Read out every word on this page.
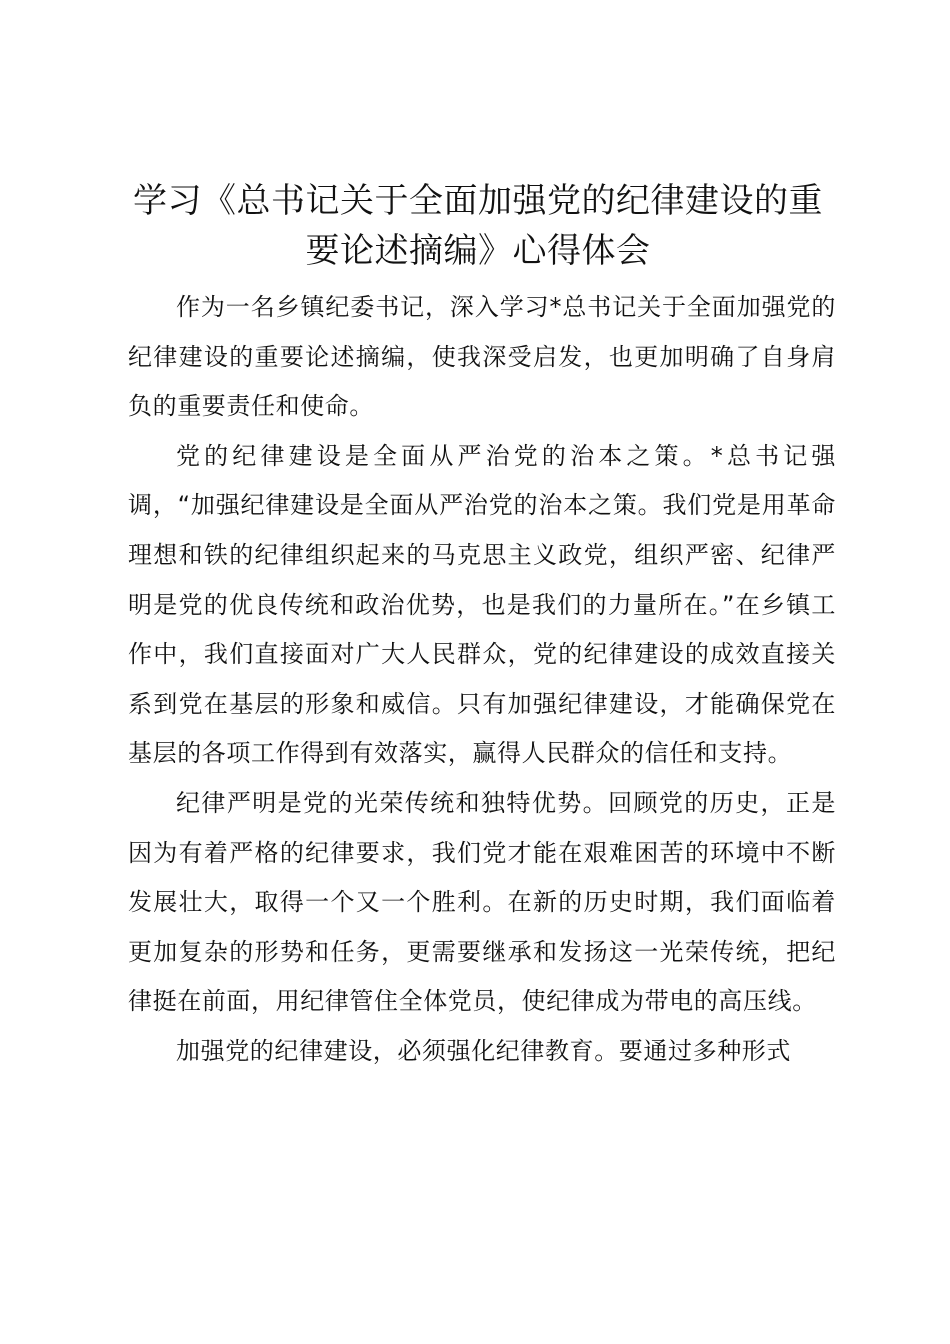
学习《总书记关于全面加强党的纪律建设的重要论述摘编》心得体会

作为一名乡镇纪委书记，深入学习*总书记关于全面加强党的纪律建设的重要论述摘编，使我深受启发，也更加明确了自身肩负的重要责任和使命。

党的纪律建设是全面从严治党的治本之策。*总书记强调，“加强纪律建设是全面从严治党的治本之策。我们党是用革命理想和铁的纪律组织起来的马克思主义政党，组织严密、纪律严明是党的优良传统和政治优势，也是我们的力量所在。”在乡镇工作中，我们直接面对广大人民群众，党的纪律建设的成效直接关系到党在基层的形象和威信。只有加强纪律建设，才能确保党在基层的各项工作得到有效落实，赢得人民群众的信任和支持。

纪律严明是党的光荣传统和独特优势。回顾党的历史，正是因为有着严格的纪律要求，我们党才能在艰难困苦的环境中不断发展壮大，取得一个又一个胜利。在新的历史时期，我们面临着更加复杂的形势和任务，更需要继承和发扬这一光荣传统，把纪律挺在前面，用纪律管住全体党员，使纪律成为带电的高压线。

加强党的纪律建设，必须强化纪律教育。要通过多种形式
